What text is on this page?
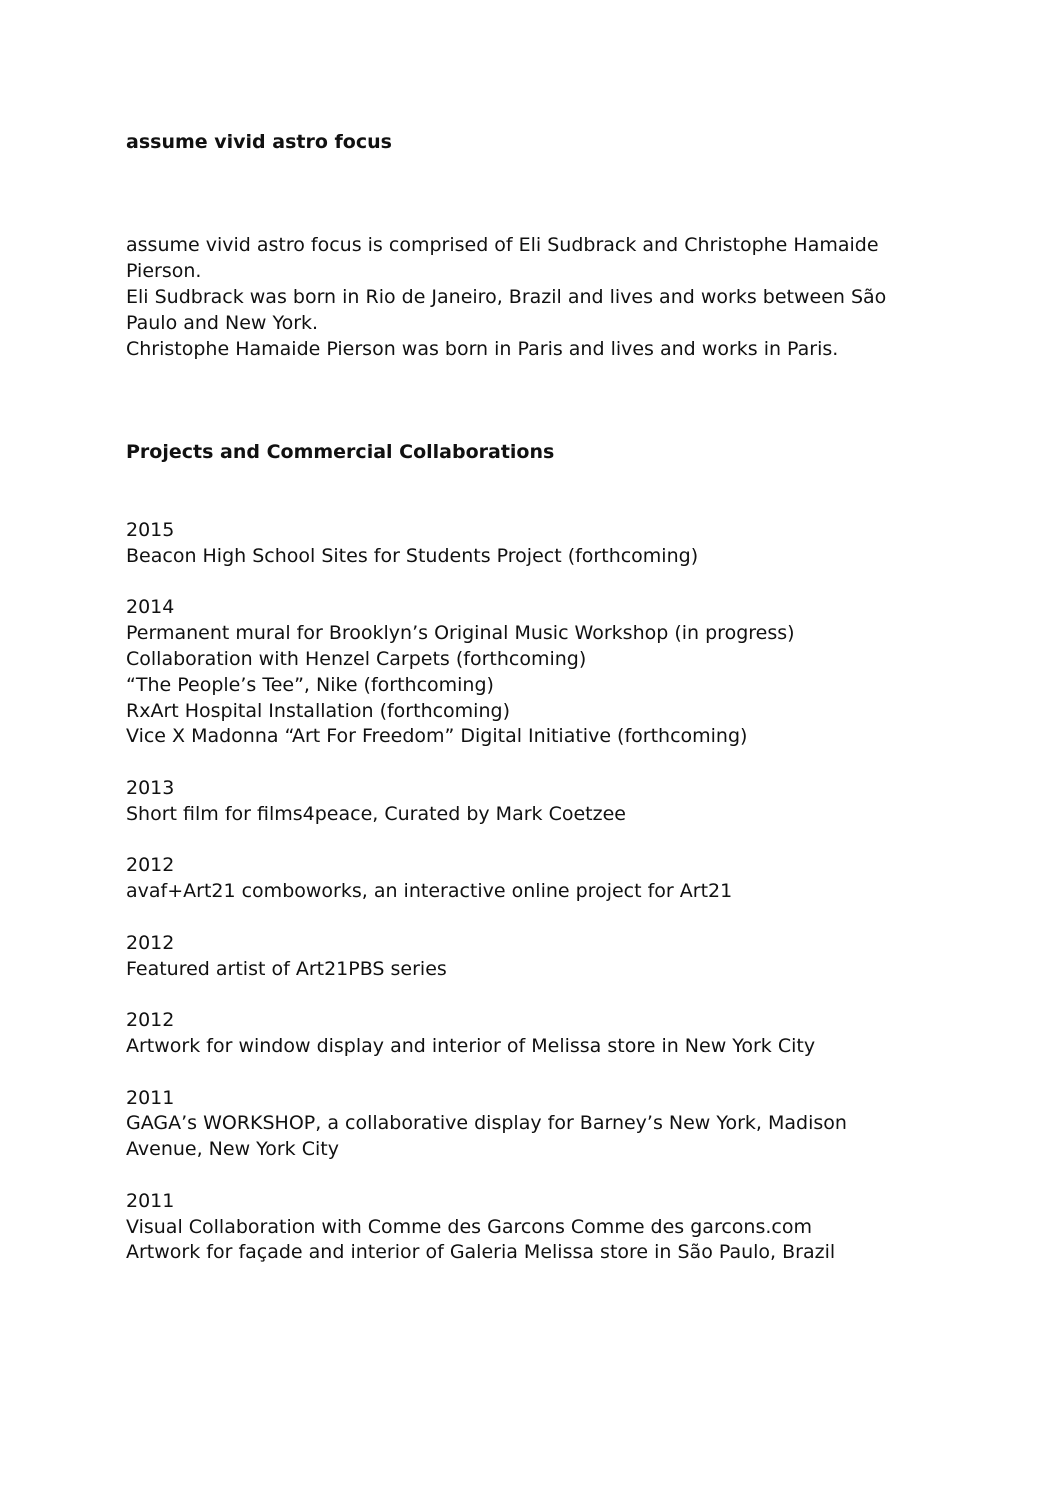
assume vivid astro focus

assume vivid astro focus is comprised of Eli Sudbrack and Christophe Hamaide Pierson.

Eli Sudbrack was born in Rio de Janeiro, Brazil and lives and works between São Paulo and New York.

Christophe Hamaide Pierson was born in Paris and lives and works in Paris.

Projects and Commercial Collaborations
2015
Beacon High School Sites for Students Project (forthcoming)
2014
Permanent mural for Brooklyn’s Original Music Workshop (in progress)
Collaboration with Henzel Carpets (forthcoming)
“The People’s Tee”, Nike (forthcoming)
RxArt Hospital Installation (forthcoming)
Vice X Madonna “Art For Freedom” Digital Initiative (forthcoming)
2013
Short film for films4peace, Curated by Mark Coetzee
2012
avaf+Art21 comboworks, an interactive online project for Art21
2012
Featured artist of Art21PBS series
2012
Artwork for window display and interior of Melissa store in New York City
2011
GAGA’s WORKSHOP, a collaborative display for Barney’s New York, Madison Avenue, New York City
2011
Visual Collaboration with Comme des Garcons Comme des garcons.com
Artwork for façade and interior of Galeria Melissa store in São Paulo, Brazil
